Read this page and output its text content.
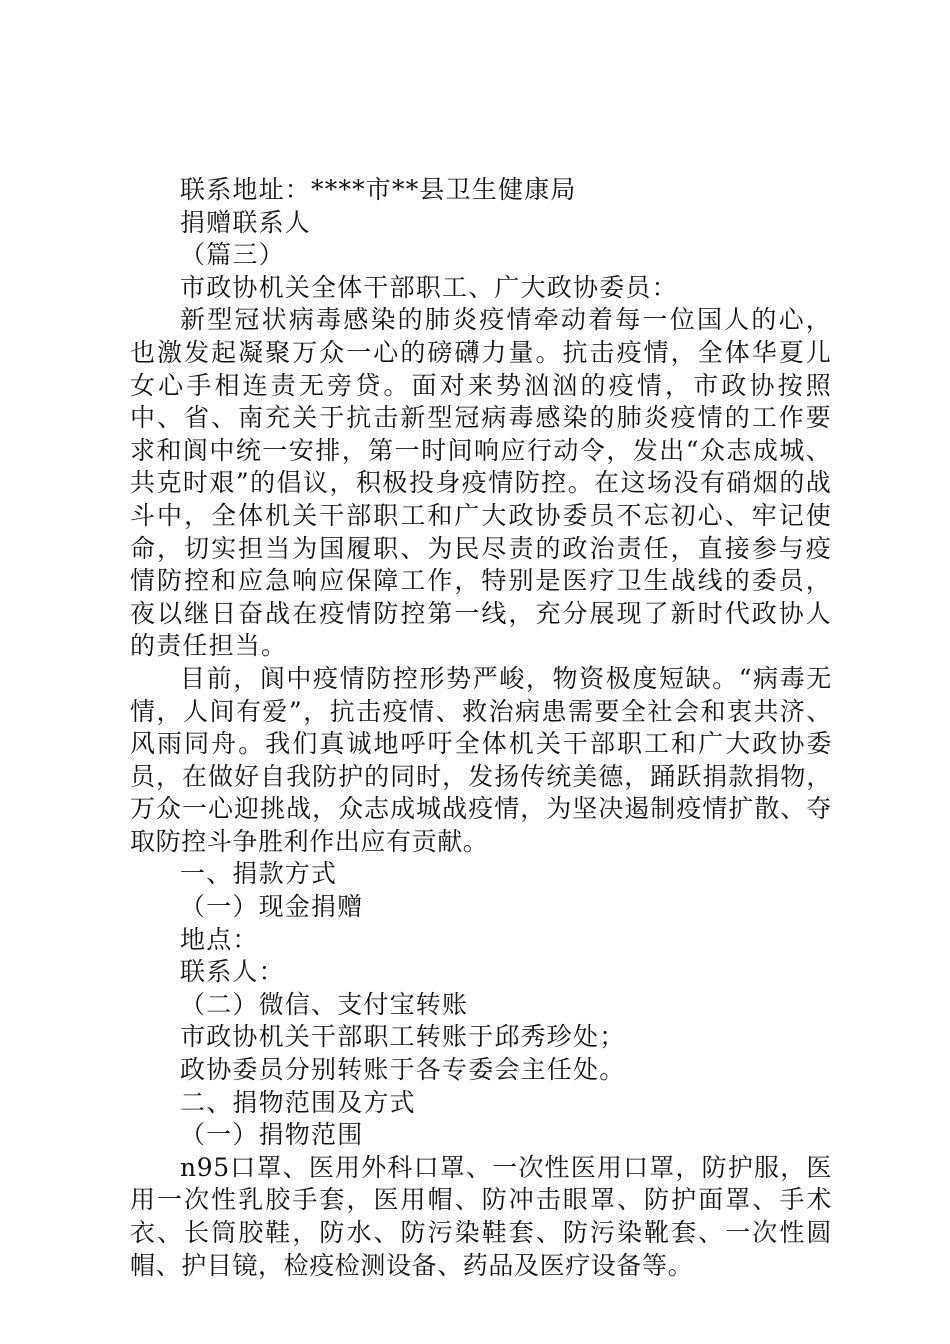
联系地址：****市**县卫生健康局

捐赠联系人

（篇三）

市政协机关全体干部职工、广大政协委员：

新型冠状病毒感染的肺炎疫情牵动着每一位国人的心，也激发起凝聚万众一心的磅礴力量。抗击疫情，全体华夏儿女心手相连责无旁贷。面对来势汹汹的疫情，市政协按照中、省、南充关于抗击新型冠病毒感染的肺炎疫情的工作要求和阆中统一安排，第一时间响应行动令，发出“众志成城、共克时艰”的倡议，积极投身疫情防控。在这场没有硝烟的战斗中，全体机关干部职工和广大政协委员不忘初心、牢记使命，切实担当为国履职、为民尽责的政治责任，直接参与疫情防控和应急响应保障工作，特别是医疗卫生战线的委员，夜以继日奋战在疫情防控第一线，充分展现了新时代政协人的责任担当。

目前，阆中疫情防控形势严峻，物资极度短缺。“病毒无情，人间有爱”，抗击疫情、救治病患需要全社会和衷共济、风雨同舟。我们真诚地呼吁全体机关干部职工和广大政协委员，在做好自我防护的同时，发扬传统美德，踊跃捐款捐物，万众一心迎挑战，众志成城战疫情，为坚决遏制疫情扩散、夺取防控斗争胜利作出应有贡献。

一、捐款方式

（一）现金捐赠

地点：

联系人：

（二）微信、支付宝转账

市政协机关干部职工转账于邱秀珍处；

政协委员分别转账于各专委会主任处。

二、捐物范围及方式

（一）捐物范围

n95口罩、医用外科口罩、一次性医用口罩，防护服，医用一次性乳胶手套，医用帽、防冲击眼罩、防护面罩、手术衣、长筒胶鞋，防水、防污染鞋套、防污染靴套、一次性圆帽、护目镜，检疫检测设备、药品及医疗设备等。
